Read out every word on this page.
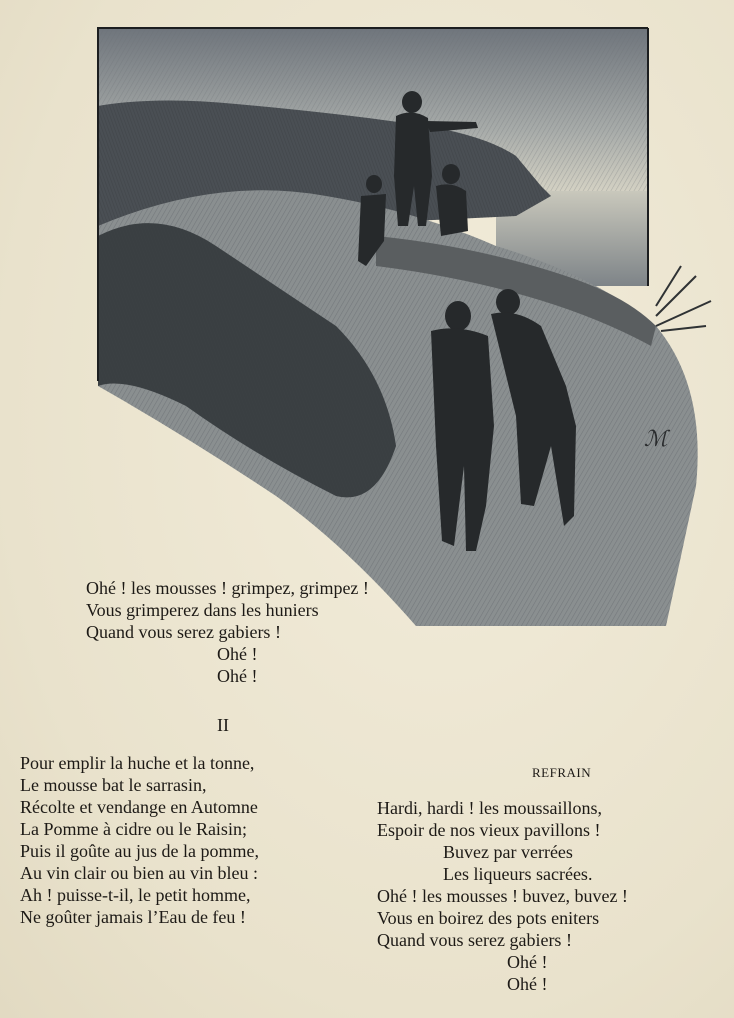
ℳ
Ohé ! les mousses ! grimpez, grimpez !
Vous grimperez dans les huniers
Quand vous serez gabiers !
Ohé !
Ohé !
II
Pour emplir la huche et la tonne,
Le mousse bat le sarrasin,
Récolte et vendange en Automne
La Pomme à cidre ou le Raisin;
Puis il goûte au jus de la pomme,
Au vin clair ou bien au vin bleu :
Ah ! puisse-t-il, le petit homme,
Ne goûter jamais l’Eau de feu !
REFRAIN
Hardi, hardi ! les moussaillons,
Espoir de nos vieux pavillons !
Buvez par verrées
Les liqueurs sacrées.
Ohé ! les mousses ! buvez, buvez !
Vous en boirez des pots eniters
Quand vous serez gabiers !
Ohé !
Ohé !
